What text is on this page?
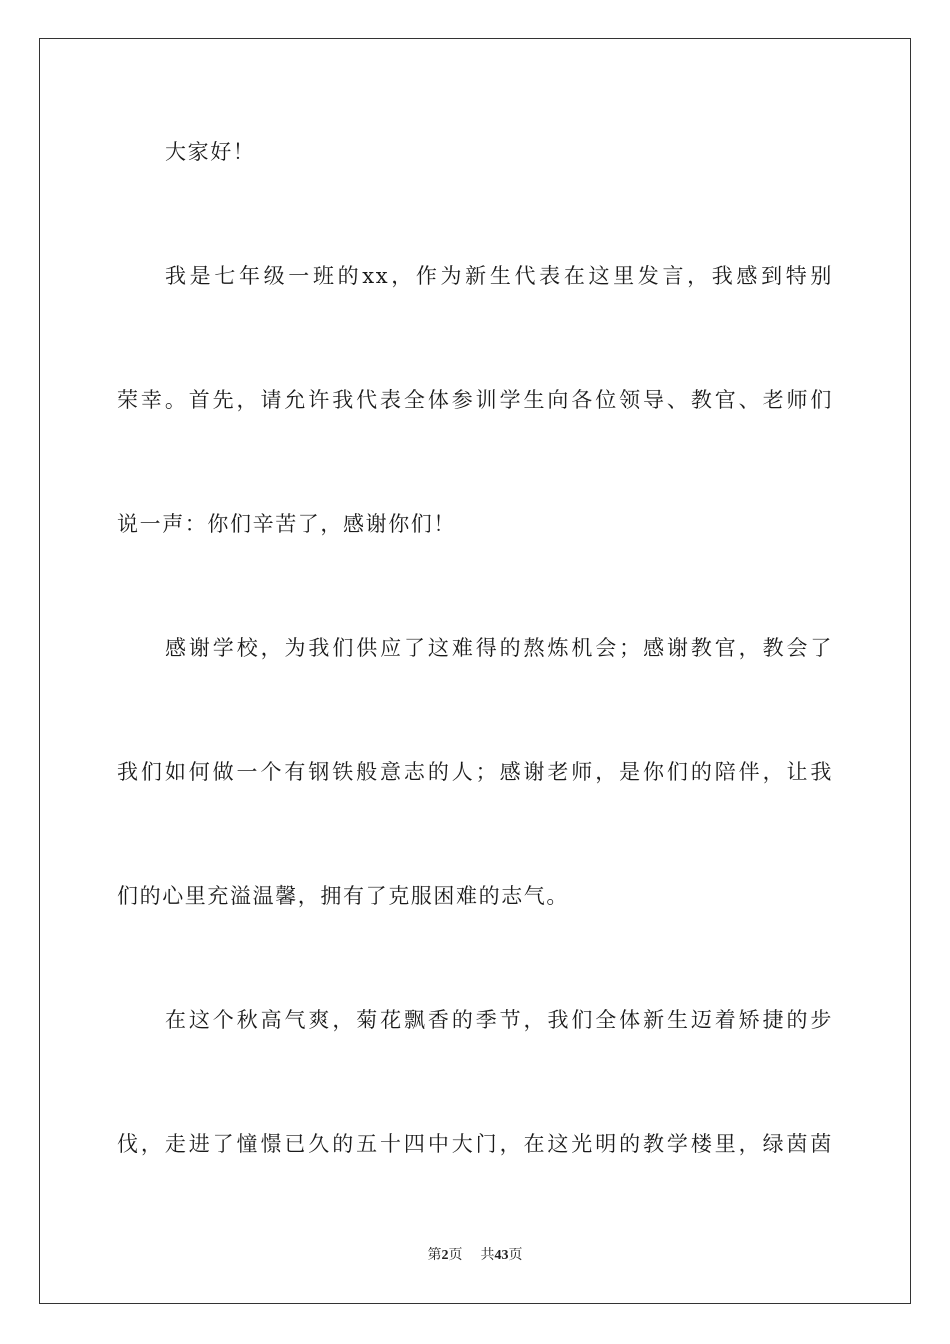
大家好！
我是七年级一班的xx，作为新生代表在这里发言，我感到特别
荣幸。首先，请允许我代表全体参训学生向各位领导、教官、老师们
说一声：你们辛苦了，感谢你们！
感谢学校，为我们供应了这难得的熬炼机会；感谢教官，教会了
我们如何做一个有钢铁般意志的人；感谢老师，是你们的陪伴，让我
们的心里充溢温馨，拥有了克服困难的志气。
在这个秋高气爽，菊花飘香的季节，我们全体新生迈着矫捷的步
伐，走进了憧憬已久的五十四中大门，在这光明的教学楼里，绿茵茵
第2页 共43页
